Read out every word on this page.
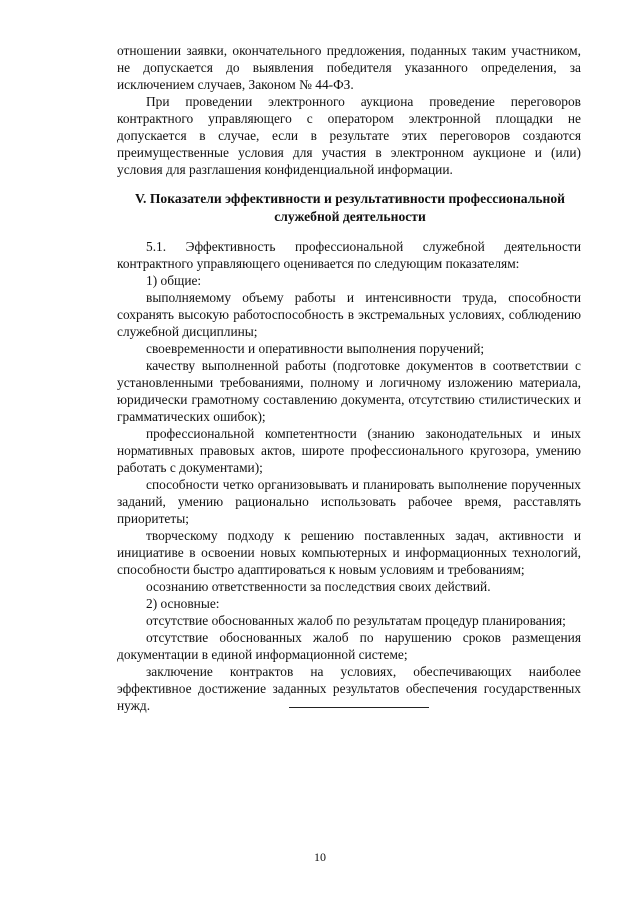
отношении заявки, окончательного предложения, поданных таким участником, не допускается до выявления победителя указанного определения, за исключением случаев, Законом № 44-ФЗ.

При проведении электронного аукциона проведение переговоров контрактного управляющего с оператором электронной площадки не допускается в случае, если в результате этих переговоров создаются преимущественные условия для участия в электронном аукционе и (или) условия для разглашения конфиденциальной информации.

V. Показатели эффективности и результативности профессиональной служебной деятельности

5.1. Эффективность профессиональной служебной деятельности контрактного управляющего оценивается по следующим показателям:

1) общие:

выполняемому объему работы и интенсивности труда, способности сохранять высокую работоспособность в экстремальных условиях, соблюдению служебной дисциплины;

своевременности и оперативности выполнения поручений;

качеству выполненной работы (подготовке документов в соответствии с установленными требованиями, полному и логичному изложению материала, юридически грамотному составлению документа, отсутствию стилистических и грамматических ошибок);

профессиональной компетентности (знанию законодательных и иных нормативных правовых актов, широте профессионального кругозора, умению работать с документами);

способности четко организовывать и планировать выполнение порученных заданий, умению рационально использовать рабочее время, расставлять приоритеты;

творческому подходу к решению поставленных задач, активности и инициативе в освоении новых компьютерных и информационных технологий, способности быстро адаптироваться к новым условиям и требованиям;

осознанию ответственности за последствия своих действий.

2) основные:

отсутствие обоснованных жалоб по результатам процедур планирования;

отсутствие обоснованных жалоб по нарушению сроков размещения документации в единой информационной системе;

заключение контрактов на условиях, обеспечивающих наиболее эффективное достижение заданных результатов обеспечения государственных нужд.

10
